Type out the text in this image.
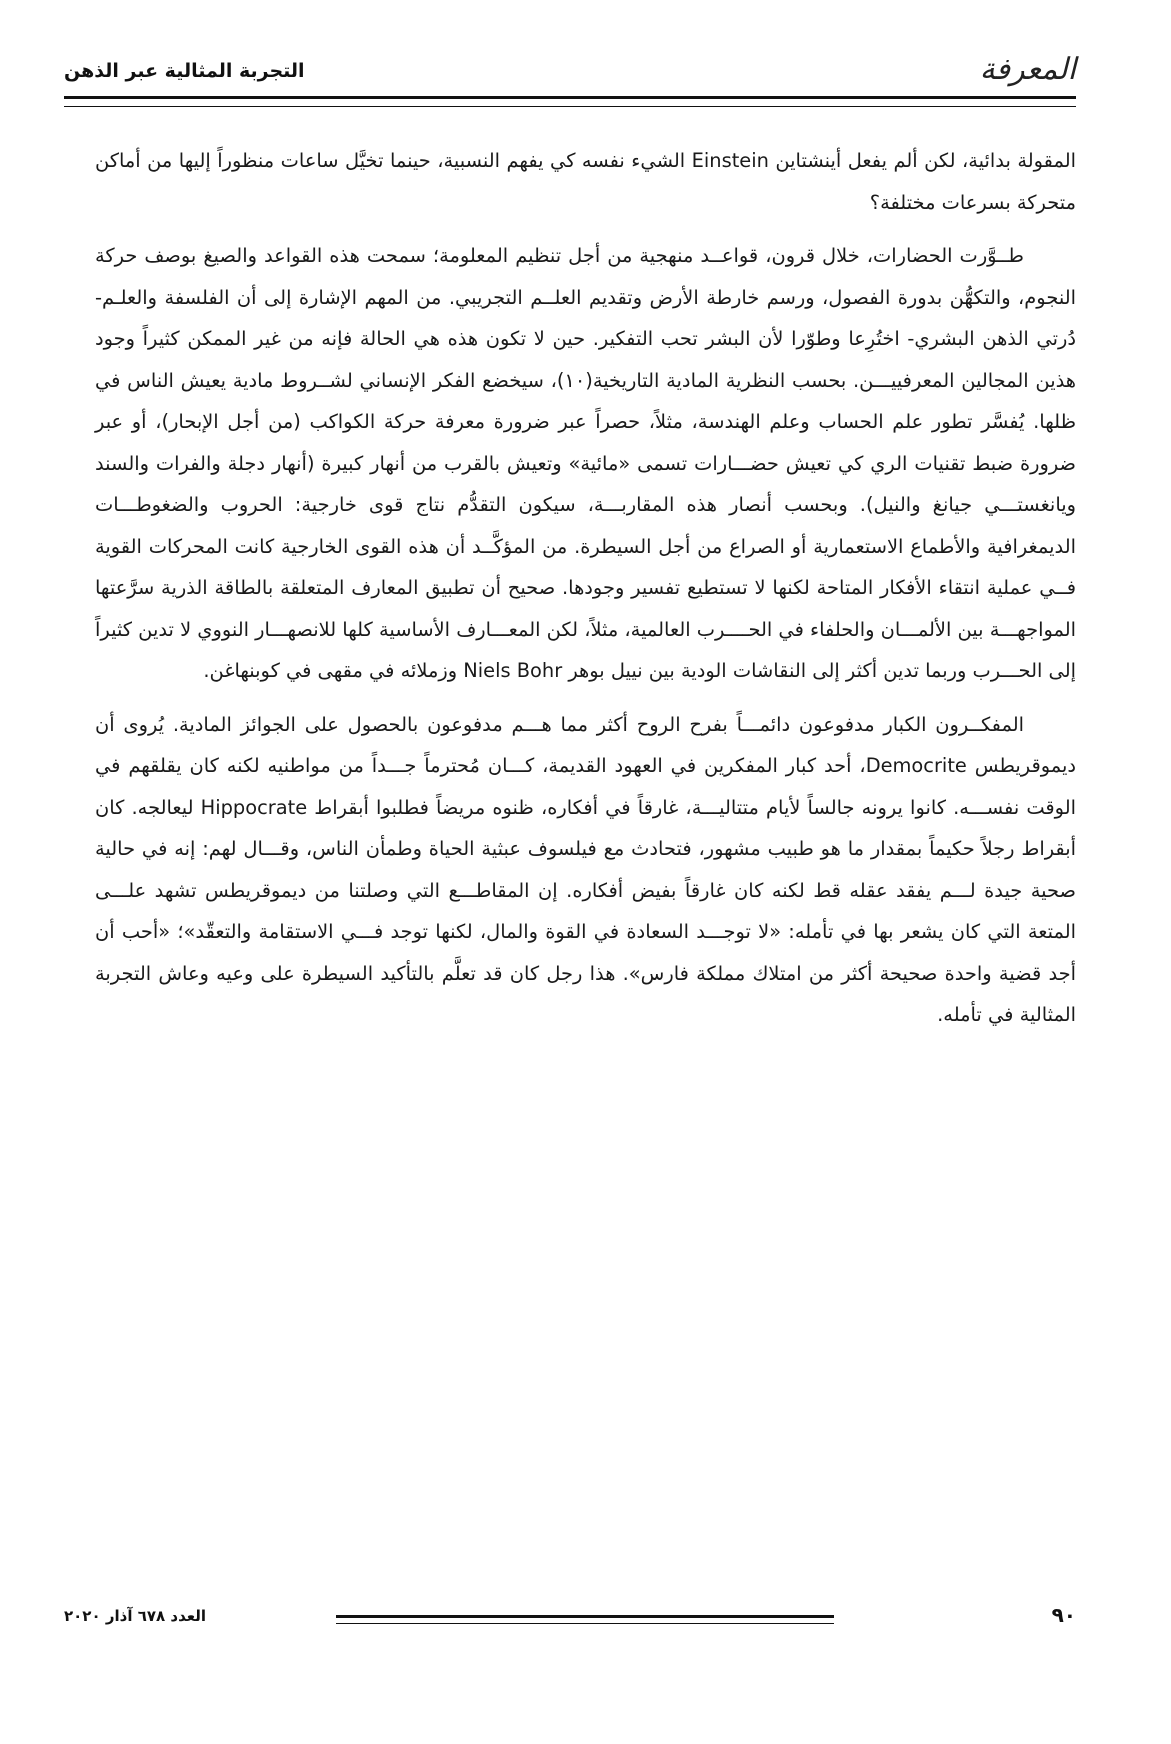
المعرفة
التجربة المثالية عبر الذهن

المقولة بدائية، لكن ألم يفعل أينشتاين Einstein الشيء نفسه كي يفهم النسبية، حينما تخيَّل ساعات منظوراً إليها من أماكن متحركة بسرعات مختلفة؟

طــوَّرت الحضارات، خلال قرون، قواعــد منهجية من أجل تنظيم المعلومة؛ سمحت هذه القواعد والصيغ بوصف حركة النجوم، والتكهُّن بدورة الفصول، ورسم خارطة الأرض وتقديم العلــم التجريبي. من المهم الإشارة إلى أن الفلسفة والعلـم- دُرتي الذهن البشري- اختُرِعا وطوّرا لأن البشر تحب التفكير. حين لا تكون هذه هي الحالة فإنه من غير الممكن كثيراً وجود هذين المجالين المعرفييـــن. بحسب النظرية المادية التاريخية(١٠)، سيخضع الفكر الإنساني لشــروط مادية يعيش الناس في ظلها. يُفسَّر تطور علم الحساب وعلم الهندسة، مثلاً، حصراً عبر ضرورة معرفة حركة الكواكب (من أجل الإبحار)، أو عبر ضرورة ضبط تقنيات الري كي تعيش حضـــارات تسمى «مائية» وتعيش بالقرب من أنهار كبيرة (أنهار دجلة والفرات والسند ويانغستـــي جيانغ والنيل). وبحسب أنصار هذه المقاربـــة، سيكون التقدُّم نتاج قوى خارجية: الحروب والضغوطـــات الديمغرافية والأطماع الاستعمارية أو الصراع من أجل السيطرة. من المؤكَّــد أن هذه القوى الخارجية كانت المحركات القوية فــي عملية انتقاء الأفكار المتاحة لكنها لا تستطيع تفسير وجودها. صحيح أن تطبيق المعارف المتعلقة بالطاقة الذرية سرَّعتها المواجهـــة بين الألمـــان والحلفاء في الحــــرب العالمية، مثلاً، لكن المعـــارف الأساسية كلها للانصهـــار النووي لا تدين كثيراً إلى الحـــرب وربما تدين أكثر إلى النقاشات الودية بين نييل بوهر Niels Bohr وزملائه في مقهى في كوبنهاغن.

المفكــرون الكبار مدفوعون دائمـــاً بفرح الروح أكثر مما هـــم مدفوعون بالحصول على الجوائز المادية. يُروى أن ديموقريطس Democrite، أحد كبار المفكرين في العهود القديمة، كـــان مُحترماً جـــداً من مواطنيه لكنه كان يقلقهم في الوقت نفســـه. كانوا يرونه جالساً لأيام متتاليـــة، غارقاً في أفكاره، ظنوه مريضاً فطلبوا أبقراط Hippocrate ليعالجه. كان أبقراط رجلاً حكيماً بمقدار ما هو طبيب مشهور، فتحادث مع فيلسوف عبثية الحياة وطمأن الناس، وقـــال لهم: إنه في حالية صحية جيدة لـــم يفقد عقله قط لكنه كان غارقاً بفيض أفكاره. إن المقاطـــع التي وصلتنا من ديموقريطس تشهد علـــى المتعة التي كان يشعر بها في تأمله: «لا توجـــد السعادة في القوة والمال، لكنها توجد فـــي الاستقامة والتعقّد»؛ «أحب أن أجد قضية واحدة صحيحة أكثر من امتلاك مملكة فارس». هذا رجل كان قد تعلَّم بالتأكيد السيطرة على وعيه وعاش التجربة المثالية في تأمله.

العدد ٦٧٨ آذار ٢٠٢٠	٩٠
